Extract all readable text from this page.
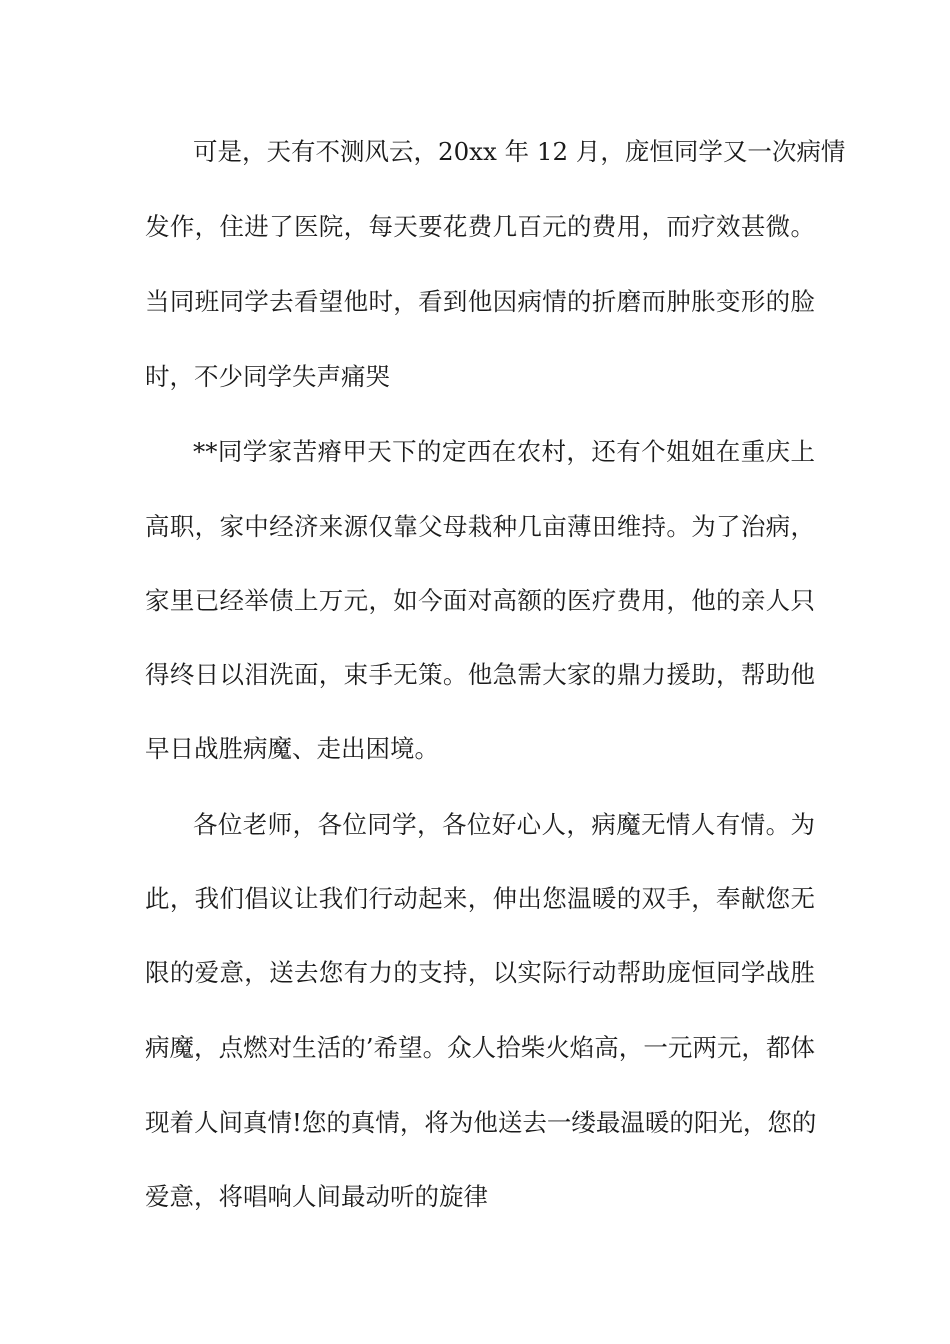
可是，天有不测风云，20xx 年 12 月，庞恒同学又一次病情
发作，住进了医院，每天要花费几百元的费用，而疗效甚微。
当同班同学去看望他时，看到他因病情的折磨而肿胀变形的脸
时，不少同学失声痛哭
**同学家苦瘠甲天下的定西在农村，还有个姐姐在重庆上
高职，家中经济来源仅靠父母栽种几亩薄田维持。为了治病，
家里已经举债上万元，如今面对高额的医疗费用，他的亲人只
得终日以泪洗面，束手无策。他急需大家的鼎力援助，帮助他
早日战胜病魔、走出困境。
各位老师，各位同学，各位好心人，病魔无情人有情。为
此，我们倡议让我们行动起来，伸出您温暖的双手，奉献您无
限的爱意，送去您有力的支持，以实际行动帮助庞恒同学战胜
病魔，点燃对生活的’希望。众人拾柴火焰高，一元两元，都体
现着人间真情!您的真情，将为他送去一缕最温暖的阳光，您的
爱意，将唱响人间最动听的旋律
